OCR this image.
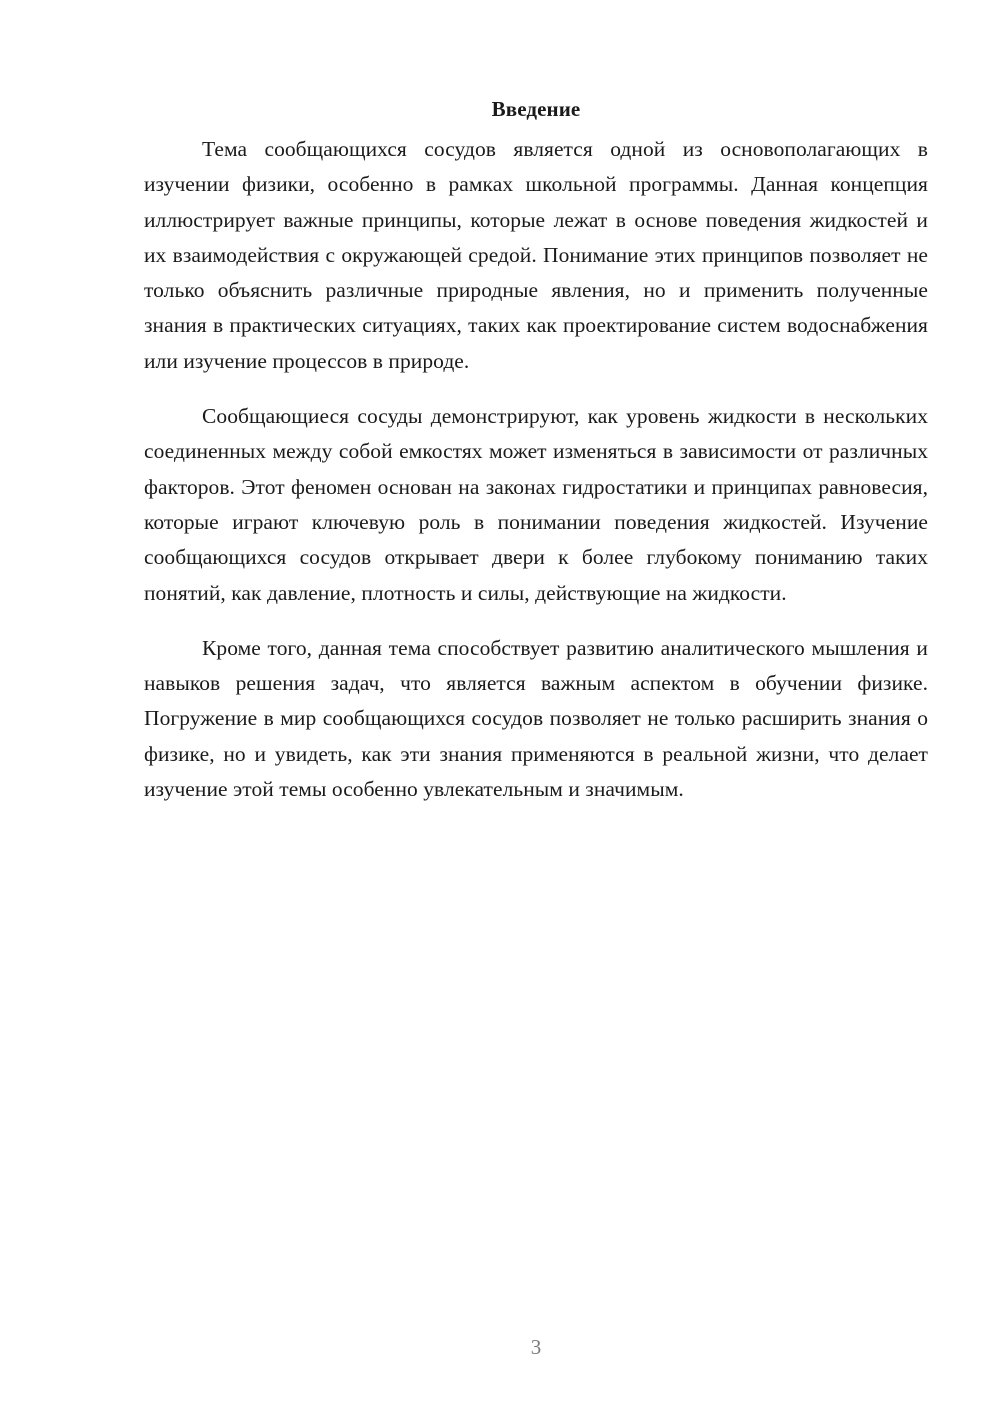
Введение

Тема сообщающихся сосудов является одной из основополагающих в изучении физики, особенно в рамках школьной программы. Данная концепция иллюстрирует важные принципы, которые лежат в основе поведения жидкостей и их взаимодействия с окружающей средой. Понимание этих принципов позволяет не только объяснить различные природные явления, но и применить полученные знания в практических ситуациях, таких как проектирование систем водоснабжения или изучение процессов в природе.

Сообщающиеся сосуды демонстрируют, как уровень жидкости в нескольких соединенных между собой емкостях может изменяться в зависимости от различных факторов. Этот феномен основан на законах гидростатики и принципах равновесия, которые играют ключевую роль в понимании поведения жидкостей. Изучение сообщающихся сосудов открывает двери к более глубокому пониманию таких понятий, как давление, плотность и силы, действующие на жидкости.

Кроме того, данная тема способствует развитию аналитического мышления и навыков решения задач, что является важным аспектом в обучении физике. Погружение в мир сообщающихся сосудов позволяет не только расширить знания о физике, но и увидеть, как эти знания применяются в реальной жизни, что делает изучение этой темы особенно увлекательным и значимым.

3
